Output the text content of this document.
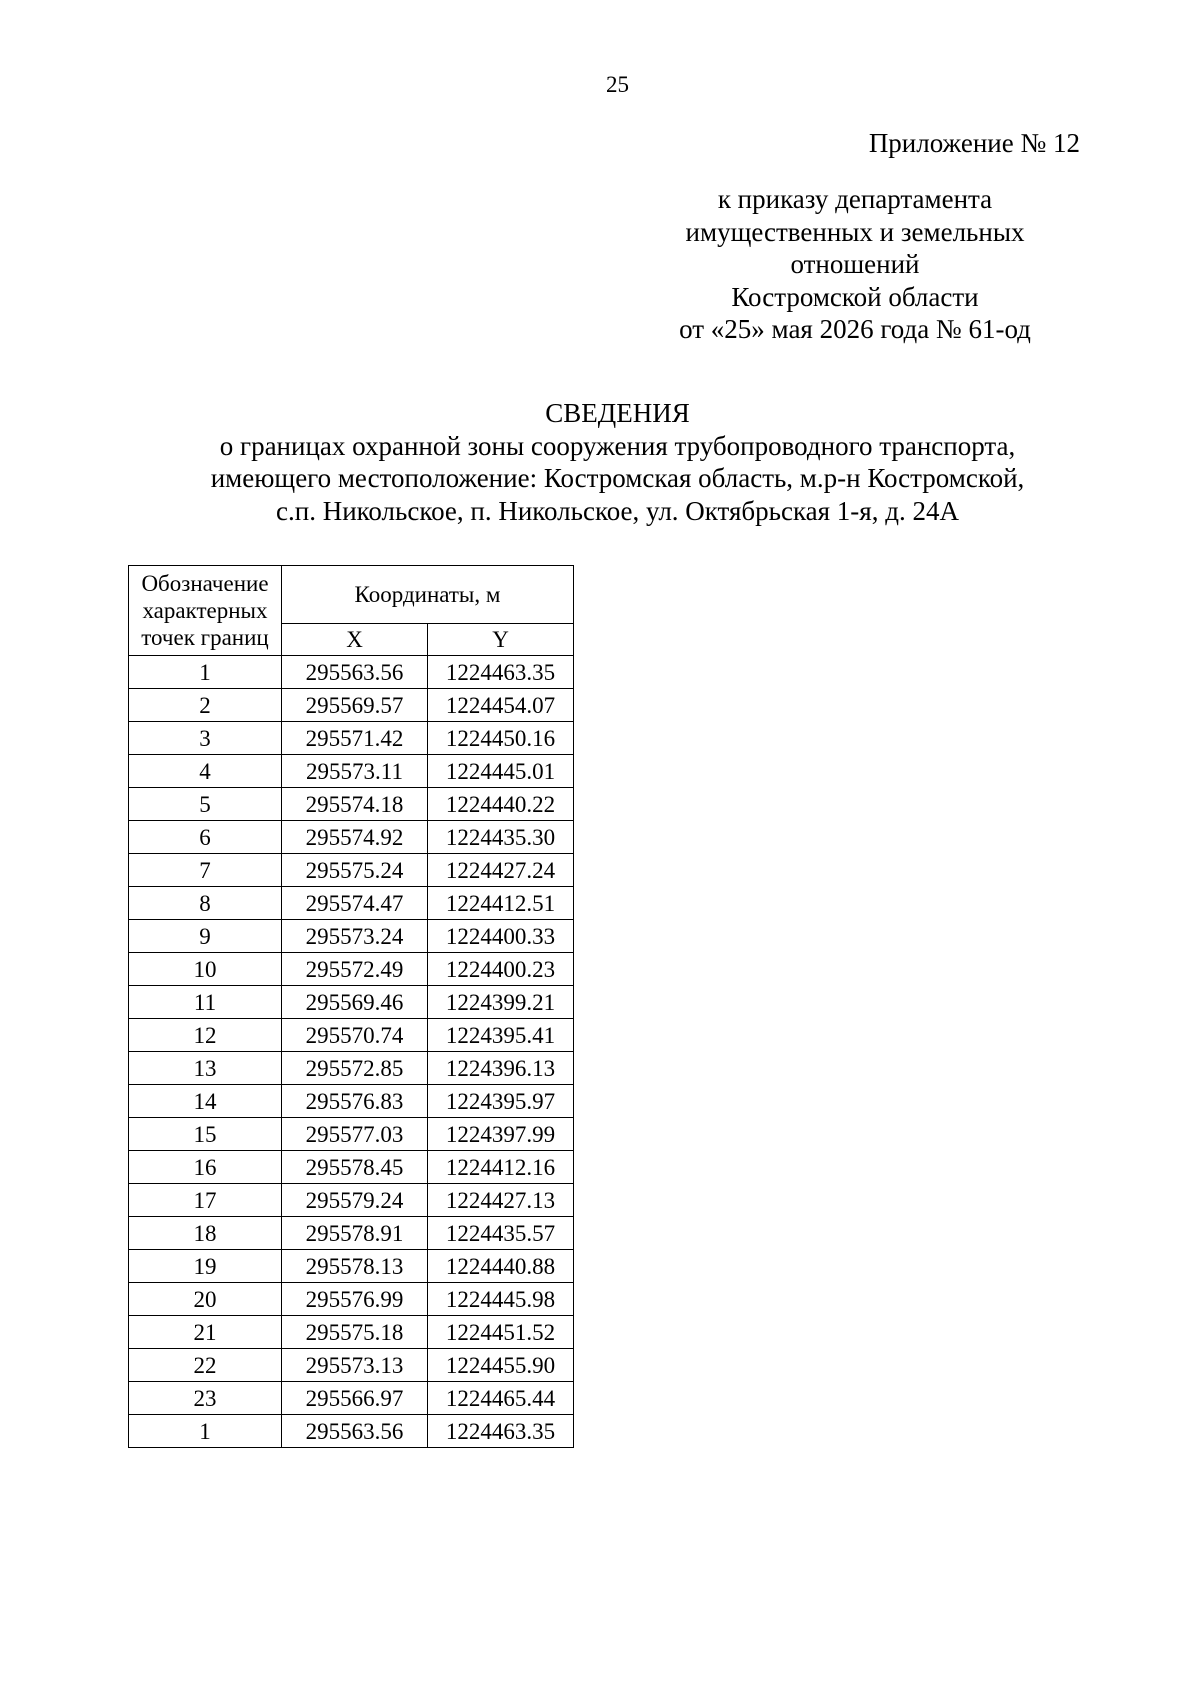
25
Приложение № 12
к приказу департамента
имущественных и земельных
отношений
Костромской области
от «25» мая 2026 года № 61-од
СВЕДЕНИЯ
о границах охранной зоны сооружения трубопроводного транспорта,
имеющего местоположение: Костромская область, м.р-н Костромской,
с.п. Никольское, п. Никольское, ул. Октябрьская 1-я, д. 24А
Обозначение характерных точек границ	Координаты, м	
	X	Y
1	295563.56	1224463.35
2	295569.57	1224454.07
3	295571.42	1224450.16
4	295573.11	1224445.01
5	295574.18	1224440.22
6	295574.92	1224435.30
7	295575.24	1224427.24
8	295574.47	1224412.51
9	295573.24	1224400.33
10	295572.49	1224400.23
11	295569.46	1224399.21
12	295570.74	1224395.41
13	295572.85	1224396.13
14	295576.83	1224395.97
15	295577.03	1224397.99
16	295578.45	1224412.16
17	295579.24	1224427.13
18	295578.91	1224435.57
19	295578.13	1224440.88
20	295576.99	1224445.98
21	295575.18	1224451.52
22	295573.13	1224455.90
23	295566.97	1224465.44
1	295563.56	1224463.35
